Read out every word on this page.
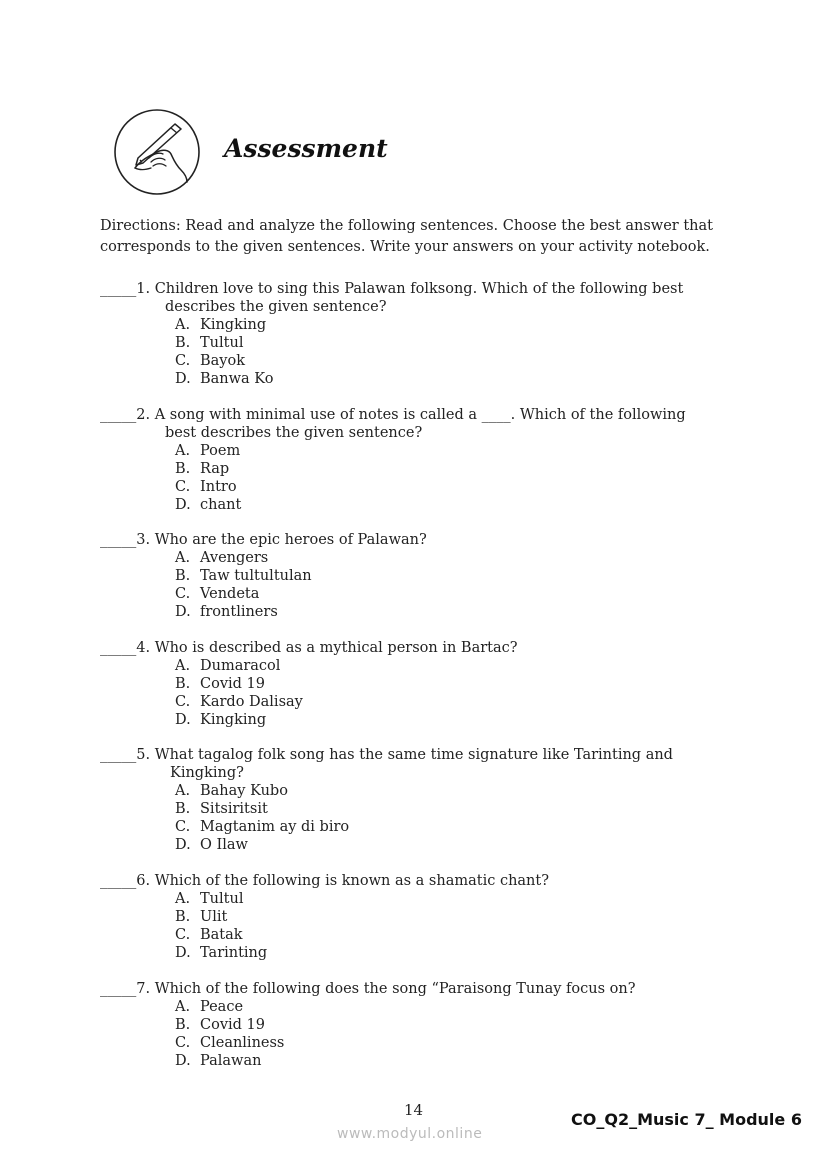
Assessment
Directions: Read and analyze the following sentences. Choose the best answer that corresponds to the given sentences. Write your answers on your activity notebook.
_____1. Children love to sing this Palawan folksong. Which of the following best
describes the given sentence?
A. Kingking
B. Tultul
C. Bayok
D. Banwa Ko
_____2. A song with minimal use of notes is called a ____. Which of the following
best describes the given sentence?
A. Poem
B. Rap
C. Intro
D. chant
_____3. Who are the epic heroes of Palawan?
A. Avengers
B. Taw tultultulan
C. Vendeta
D. frontliners
_____4. Who is described as a mythical person in Bartac?
A. Dumaracol
B. Covid 19
C. Kardo Dalisay
D. Kingking
_____5. What tagalog folk song has the same time signature like Tarinting and
Kingking?
A. Bahay Kubo
B. Sitsiritsit
C. Magtanim ay di biro
D. O Ilaw
_____6. Which of the following is known as a shamatic chant?
A. Tultul
B. Ulit
C. Batak
D. Tarinting
_____7. Which of the following does the song “Paraisong Tunay focus on?
A. Peace
B. Covid 19
C. Cleanliness
D. Palawan
14	CO_Q2_Music 7_ Module 6
www.modyul.online
